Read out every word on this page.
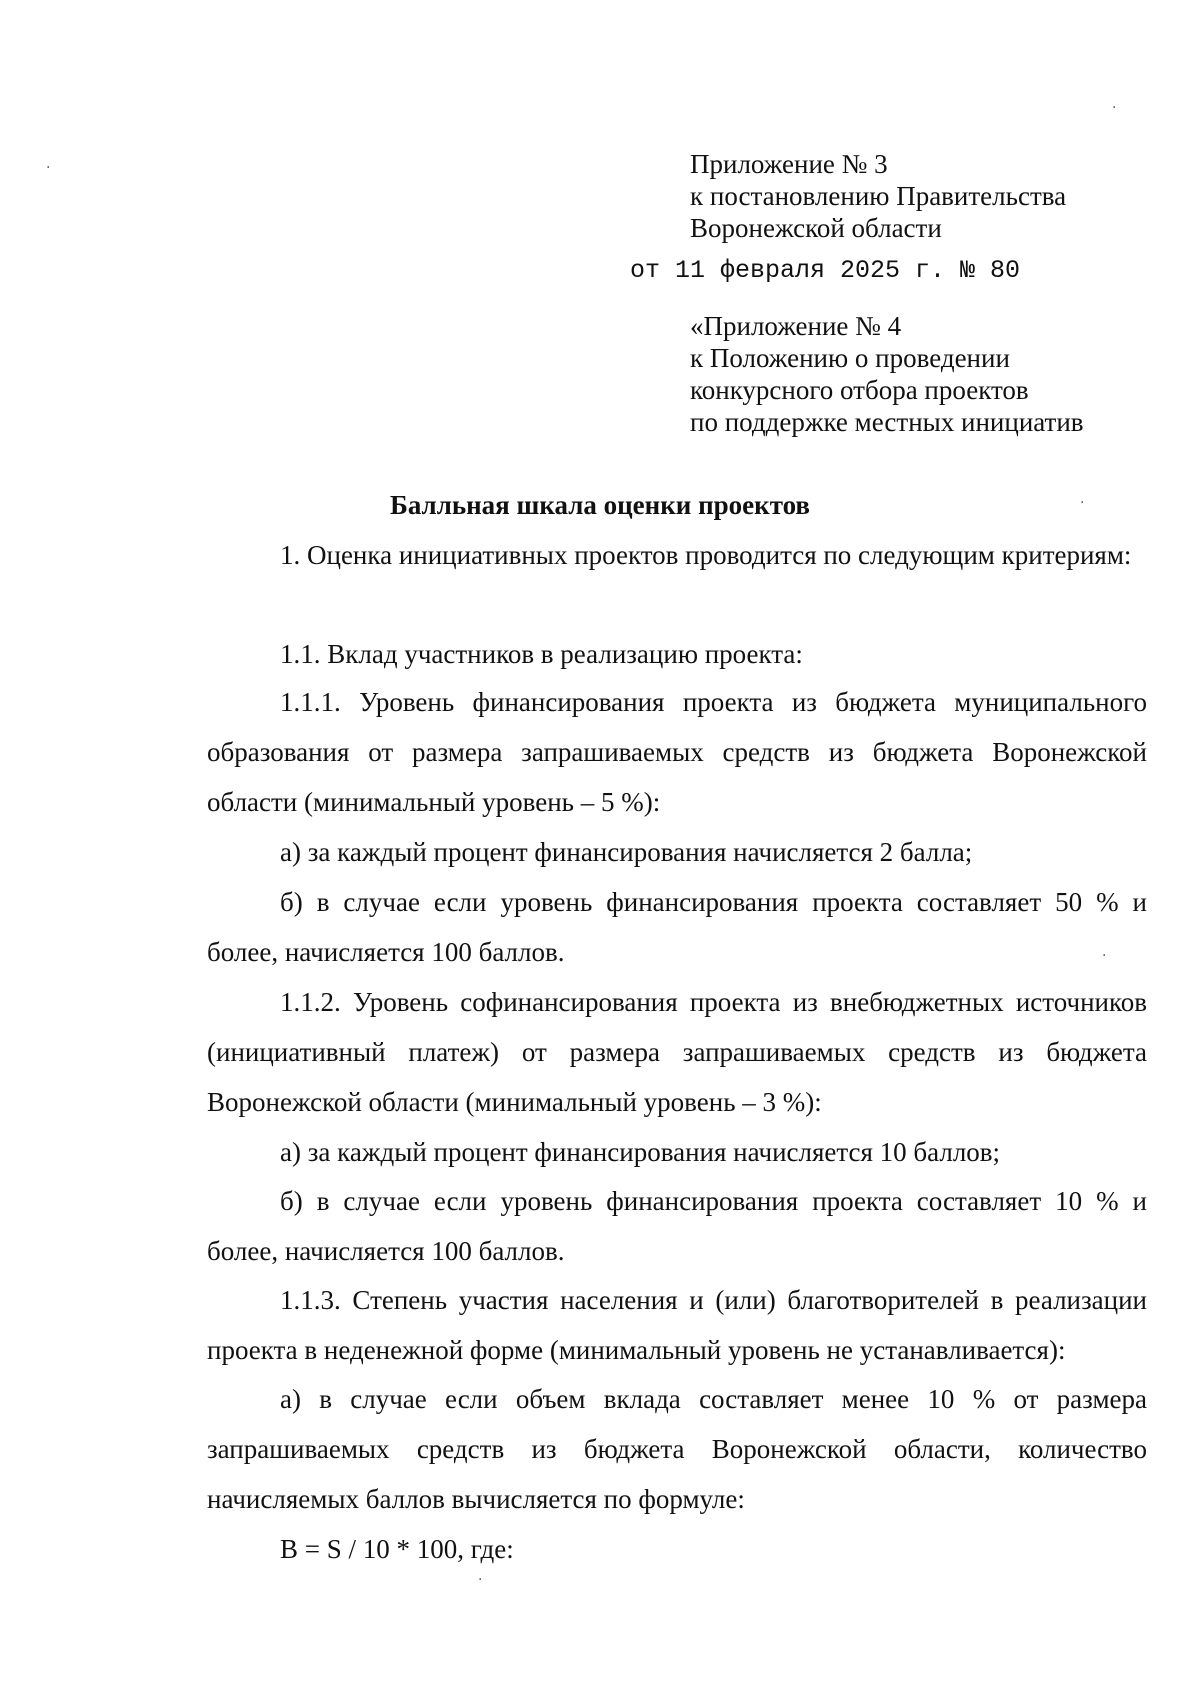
Приложение № 3
к постановлению Правительства
Воронежской области
от 11 февраля 2025 г. № 80
«Приложение № 4
к Положению о проведении
конкурсного отбора проектов
по поддержке местных инициатив
Балльная шкала оценки проектов
1. Оценка инициативных проектов проводится по следующим критериям:
1.1. Вклад участников в реализацию проекта:
1.1.1. Уровень финансирования проекта из бюджета муниципального образования от размера запрашиваемых средств из бюджета Воронежской области (минимальный уровень – 5 %):
а) за каждый процент финансирования начисляется 2 балла;
б) в случае если уровень финансирования проекта составляет 50 % и более, начисляется 100 баллов.
1.1.2. Уровень софинансирования проекта из внебюджетных источников (инициативный платеж) от размера запрашиваемых средств из бюджета Воронежской области (минимальный уровень – 3 %):
а) за каждый процент финансирования начисляется 10 баллов;
б) в случае если уровень финансирования проекта составляет 10 % и более, начисляется 100 баллов.
1.1.3. Степень участия населения и (или) благотворителей в реализации проекта в неденежной форме (минимальный уровень не устанавливается):
а) в случае если объем вклада составляет менее 10 % от размера запрашиваемых средств из бюджета Воронежской области, количество начисляемых баллов вычисляется по формуле:
B = S / 10 * 100, где:
·
·
·
·
·
